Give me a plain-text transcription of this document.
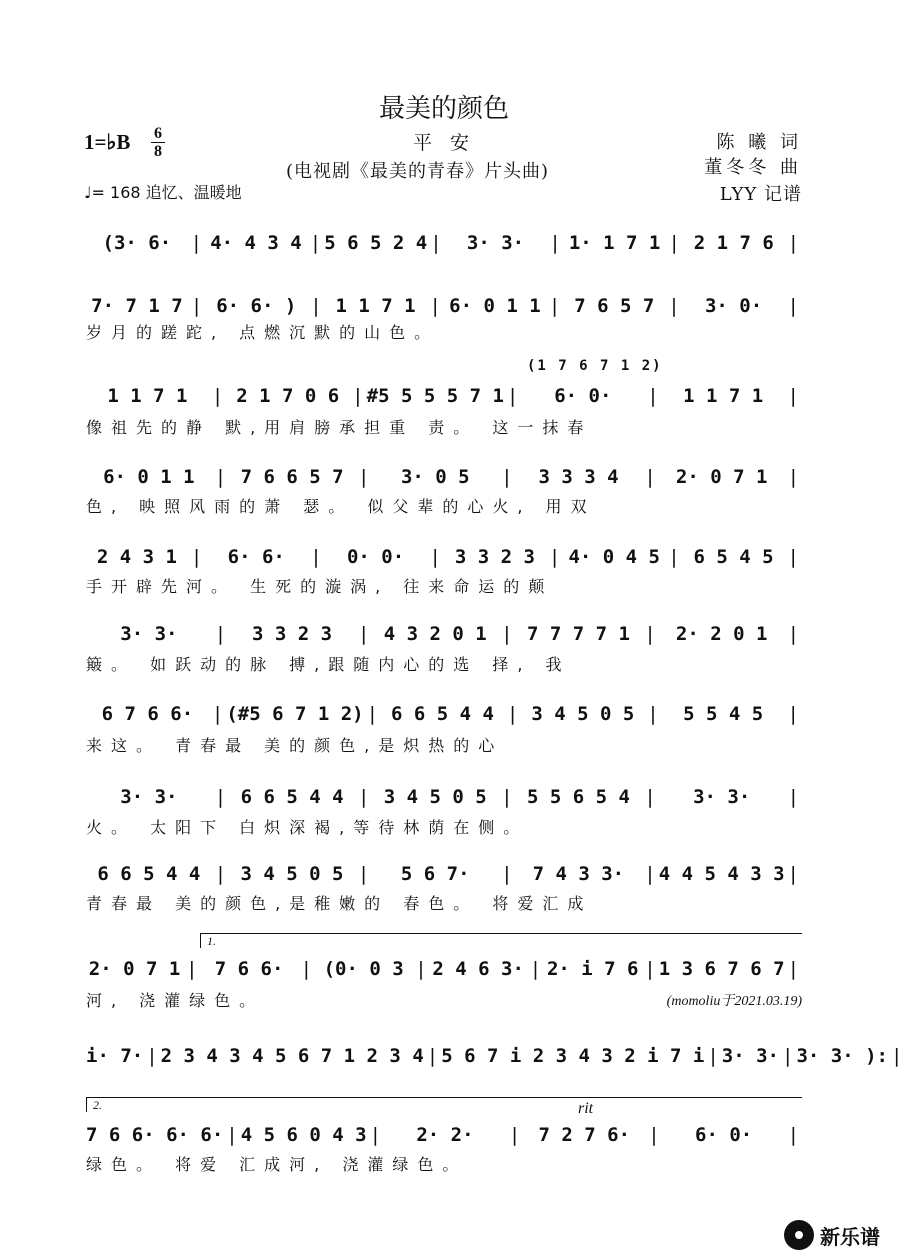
最美的颜色
1=♭B 6
8
♩= 168 追忆、温暖地
平 安
(电视剧《最美的青春》片头曲)
陈 曦 词
董冬冬 曲
LYY 记谱
(1 7 6 7 1 2)
1.
2.	rit
(momoliu于2021.03.19)
(3· 6·	| 4· 4 3 4 | 5 6 5 2 4 |	3· 3·	| 1· 1 7 1 | 2 1 7 6 |
7· 7 1 7 | 6· 6· ) | 1 1 7 1 | 6· 0 1 1 | 7 6 5 7 |	3· 0·	|
岁月的蹉跎, 点燃沉默的山色。
1 1 7 1	| 2 1 7 0 6 | #5 5 5 5 7 1 |	6· 0·	|	1 1 7 1	|
像祖先的静 默,用肩膀承担重 责。 这一抹春
6· 0 1 1	| 7 6 6 5 7 |	3· 0 5	|	3 3 3 4	|	2· 0 7 1	|
色, 映照风雨的萧 瑟。 似父辈的心火, 用双
2 4 3 1 |	6· 6·	|	0· 0·	| 3 3 2 3 | 4· 0 4 5 | 6 5 4 5 |
手开辟先河。 生死的漩涡, 往来命运的颠
3· 3·	|	3 3 2 3	| 4 3 2 0 1 | 7 7 7 7 1 |	2· 2 0 1	|
簸。 如跃动的脉 搏,跟随内心的选 择, 我
6 7 6 6· | (#5 6 7 1 2) | 6 6 5 4 4 | 3 4 5 0 5 |	5 5 4 5	|
来这。 青春最 美的颜色,是炽热的心
3· 3·	| 6 6 5 4 4 | 3 4 5 0 5 | 5 5 6 5 4 |	3· 3·	|
火。 太阳下 白炽深褐,等待林荫在侧。
6 6 5 4 4 | 3 4 5 0 5 |	5 6 7·	|	7 4 3 3·	| 4 4 5 4 3 3 |
青春最 美的颜色,是稚嫩的 春色。 将爱汇成
2· 0 7 1 | 7 6 6· | (0· 0 3 | 2 4 6 3· | 2· i 7 6 | 1 3 6 7 6 7 |
河, 浇灌绿色。
i· 7· | 2 3 4 3 4 5 6 7 1 2 3 4 | 5 6 7 i 2 3 4 3 2 i 7 i | 3· 3· | 3· 3· ): |
7 6 6· 6· 6· | 4 5 6 0 4 3 |	2· 2·	| 7 2 7 6· |	6· 0·	|
绿色。 将爱 汇成河, 浇灌绿色。
新乐谱
